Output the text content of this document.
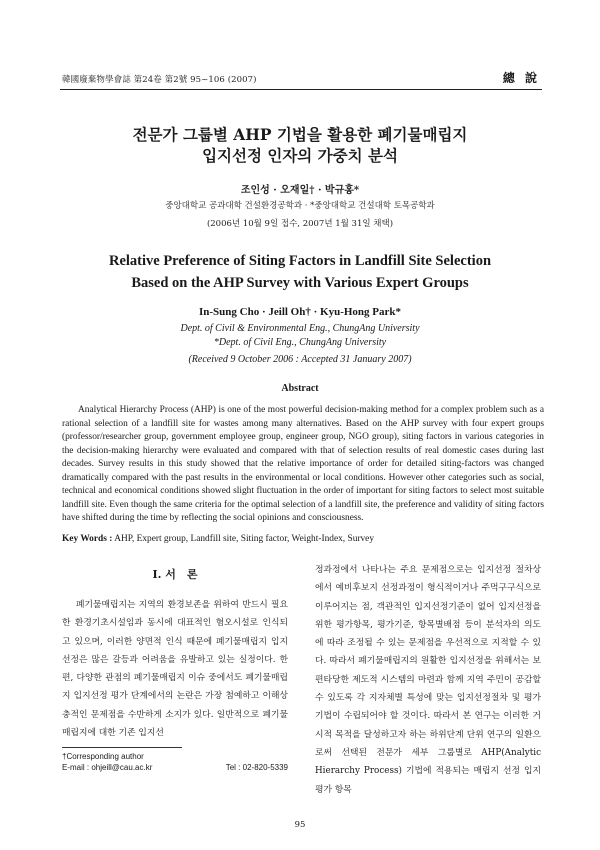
韓國廢棄物學會誌 第24卷 第2號 95~106 (2007)	總 說
전문가 그룹별 AHP 기법을 활용한 폐기물매립지
입지선정 인자의 가중치 분석
조인성 · 오재일† · 박규홍*
중앙대학교 공과대학 건설환경공학과 · *중앙대학교 건설대학 토목공학과
(2006년 10월 9일 접수, 2007년 1월 31일 채택)
Relative Preference of Siting Factors in Landfill Site Selection
Based on the AHP Survey with Various Expert Groups
In-Sung Cho · Jeill Oh† · Kyu-Hong Park*
Dept. of Civil & Environmental Eng., ChungAng University
*Dept. of Civil Eng., ChungAng University
(Received 9 October 2006 : Accepted 31 January 2007)
Abstract
Analytical Hierarchy Process (AHP) is one of the most powerful decision-making method for a complex problem such as a rational selection of a landfill site for wastes among many alternatives. Based on the AHP survey with four expert groups (professor/researcher group, government employee group, engineer group, NGO group), siting factors in various categories in the decision-making hierarchy were evaluated and compared with that of selection results of real domestic cases during last decades. Survey results in this study showed that the relative importance of order for detailed siting-factors was changed dramatically compared with the past results in the environmental or local conditions. However other categories such as social, technical and economical conditions showed slight fluctuation in the order of important for siting factors to select most suitable landfill site. Even though the same criteria for the optimal selection of a landfill site, the preference and validity of siting factors have shifted during the time by reflecting the social opinions and consciousness.
Key Words : AHP, Expert group, Landfill site, Siting factor, Weight-Index, Survey
I. 서　론
폐기물매립지는 지역의 환경보존을 위하여 반드시 필요한 환경기초시설임과 동시에 대표적인 혐오시설로 인식되고 있으며, 이러한 양면적 인식 때문에 폐기물매립지 입지선정은 많은 갈등과 어려움을 유발하고 있는 실정이다. 한편, 다양한 관점의 폐기물매립지 이슈 중에서도 폐기물매립지 입지선정 평가 단계에서의 논란은 가장 첨예하고 이해상충적인 문제점을 수반하게 소지가 있다. 일반적으로 폐기물매립지에 대한 기존 입지선
정과정에서 나타나는 주요 문제점으로는 입지선정 절차상에서 예비후보지 선정과정이 형식적이거나 주먹구구식으로 이루어지는 점, 객관적인 입지선정기준이 없어 입지선정을 위한 평가항목, 평가기준, 항목별배점 등이 분석자의 의도에 따라 조정될 수 있는 문제점을 우선적으로 지적할 수 있다. 따라서 폐기물매립지의 원활한 입지선정을 위해서는 보편타당한 제도적 시스템의 마련과 함께 지역 주민이 공감할 수 있도록 각 지자체별 특성에 맞는 입지선정절차 및 평가기법이 수립되어야 할 것이다. 따라서 본 연구는 이러한 거시적 목적을 달성하고자 하는 하위단계 단위 연구의 일환으로써 선택된 전문가 세부 그룹별로 AHP(Analytic Hierarchy Process) 기법에 적용되는 매립지 선정 입지평가 항목
†Corresponding author
E-mail : ohjeill@cau.ac.kr	Tel : 02-820-5339
95
